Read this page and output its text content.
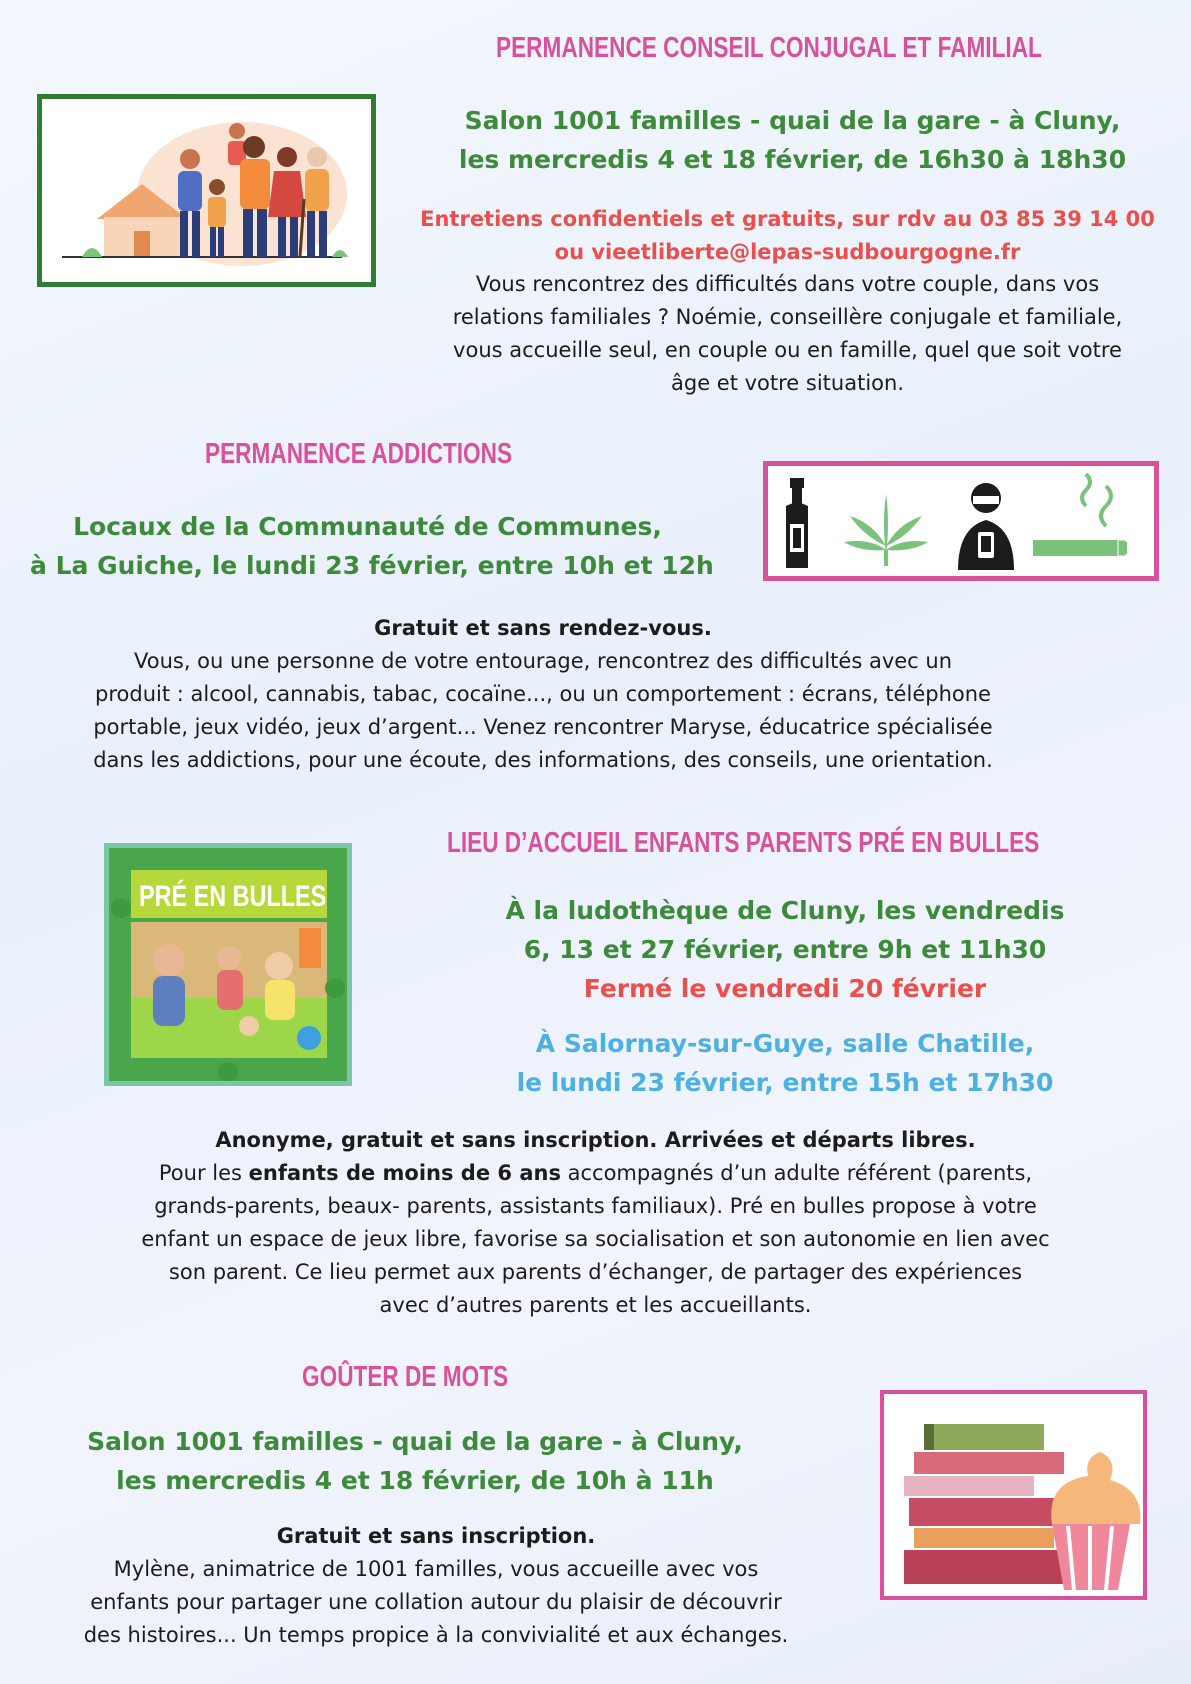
PERMANENCE CONSEIL CONJUGAL ET FAMILIAL
Salon 1001 familles - quai de la gare - à Cluny,
les mercredis 4 et 18 février, de 16h30 à 18h30
Entretiens confidentiels et gratuits, sur rdv au 03 85 39 14 00
ou vieetliberte@lepas-sudbourgogne.fr
Vous rencontrez des difficultés dans votre couple, dans vos
relations familiales ? Noémie, conseillère conjugale et familiale,
vous accueille seul, en couple ou en famille, quel que soit votre
âge et votre situation.
PERMANENCE ADDICTIONS
Locaux de la Communauté de Communes,
à La Guiche, le lundi 23 février, entre 10h et 12h
Gratuit et sans rendez-vous.
Vous, ou une personne de votre entourage, rencontrez des difficultés avec un
produit : alcool, cannabis, tabac, cocaïne..., ou un comportement : écrans, téléphone
portable, jeux vidéo, jeux d’argent... Venez rencontrer Maryse, éducatrice spécialisée
dans les addictions, pour une écoute, des informations, des conseils, une orientation.
LIEU D’ACCUEIL ENFANTS PARENTS PRÉ EN BULLES
PRÉ EN BULLES	À la ludothèque de Cluny, les vendredis
6, 13 et 27 février, entre 9h et 11h30
Fermé le vendredi 20 février
À Salornay-sur-Guye, salle Chatille,
le lundi 23 février, entre 15h et 17h30
Anonyme, gratuit et sans inscription. Arrivées et départs libres.
Pour les enfants de moins de 6 ans accompagnés d’un adulte référent (parents,
grands-parents, beaux- parents, assistants familiaux). Pré en bulles propose à votre
enfant un espace de jeux libre, favorise sa socialisation et son autonomie en lien avec
son parent. Ce lieu permet aux parents d’échanger, de partager des expériences
avec d’autres parents et les accueillants.
GOÛTER DE MOTS
Salon 1001 familles - quai de la gare - à Cluny,
les mercredis 4 et 18 février, de 10h à 11h
Gratuit et sans inscription.
Mylène, animatrice de 1001 familles, vous accueille avec vos
enfants pour partager une collation autour du plaisir de découvrir
des histoires... Un temps propice à la convivialité et aux échanges.
